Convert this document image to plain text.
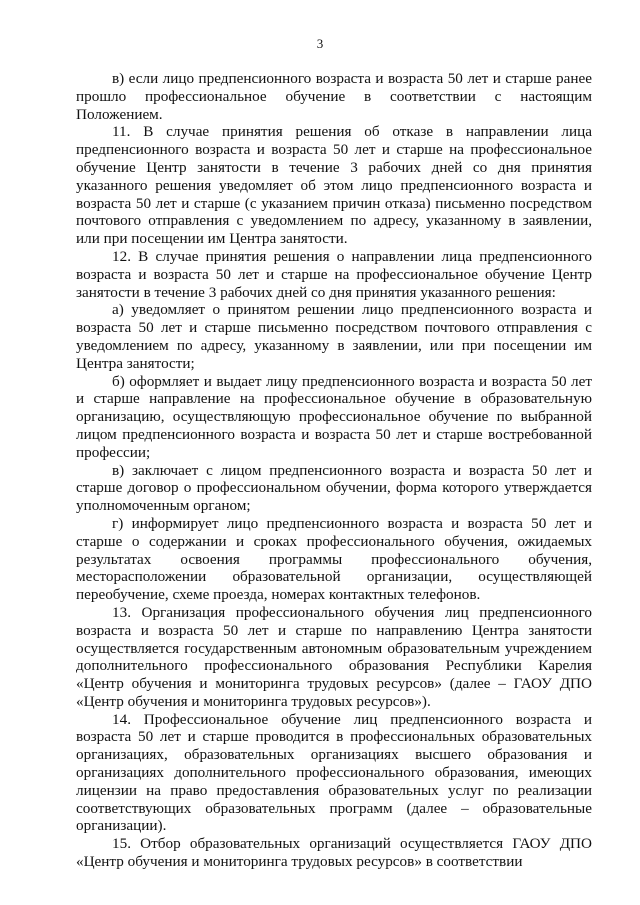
3

в) если лицо предпенсионного возраста и возраста 50 лет и старше ранее прошло профессиональное обучение в соответствии с настоящим Положением.

11. В случае принятия решения об отказе в направлении лица предпенсионного возраста и возраста 50 лет и старше на профессиональное обучение Центр занятости в течение 3 рабочих дней со дня принятия указанного решения уведомляет об этом лицо предпенсионного возраста и возраста 50 лет и старше (с указанием причин отказа) письменно посредством почтового отправления с уведомлением по адресу, указанному в заявлении, или при посещении им Центра занятости.

12. В случае принятия решения о направлении лица предпенсионного возраста и возраста 50 лет и старше на профессиональное обучение Центр занятости в течение 3 рабочих дней со дня принятия указанного решения:

а) уведомляет о принятом решении лицо предпенсионного возраста и возраста 50 лет и старше письменно посредством почтового отправления с уведомлением по адресу, указанному в заявлении, или при посещении им Центра занятости;

б) оформляет и выдает лицу предпенсионного возраста и возраста 50 лет и старше направление на профессиональное обучение в образовательную организацию, осуществляющую профессиональное обучение по выбранной лицом предпенсионного возраста и возраста 50 лет и старше востребованной профессии;

в) заключает с лицом предпенсионного возраста и возраста 50 лет и старше договор о профессиональном обучении, форма которого утверждается уполномоченным органом;

г) информирует лицо предпенсионного возраста и возраста 50 лет и старше о содержании и сроках профессионального обучения, ожидаемых результатах освоения программы профессионального обучения, месторасположении образовательной организации, осуществляющей переобучение, схеме проезда, номерах контактных телефонов.

13. Организация профессионального обучения лиц предпенсионного возраста и возраста 50 лет и старше по направлению Центра занятости осуществляется государственным автономным образовательным учреждением дополнительного профессионального образования Республики Карелия «Центр обучения и мониторинга трудовых ресурсов» (далее – ГАОУ ДПО «Центр обучения и мониторинга трудовых ресурсов»).

14. Профессиональное обучение лиц предпенсионного возраста и возраста 50 лет и старше проводится в профессиональных образовательных организациях, образовательных организациях высшего образования и организациях дополнительного профессионального образования, имеющих лицензии на право предоставления образовательных услуг по реализации соответствующих образовательных программ (далее – образовательные организации).

15. Отбор образовательных организаций осуществляется ГАОУ ДПО «Центр обучения и мониторинга трудовых ресурсов» в соответствии
